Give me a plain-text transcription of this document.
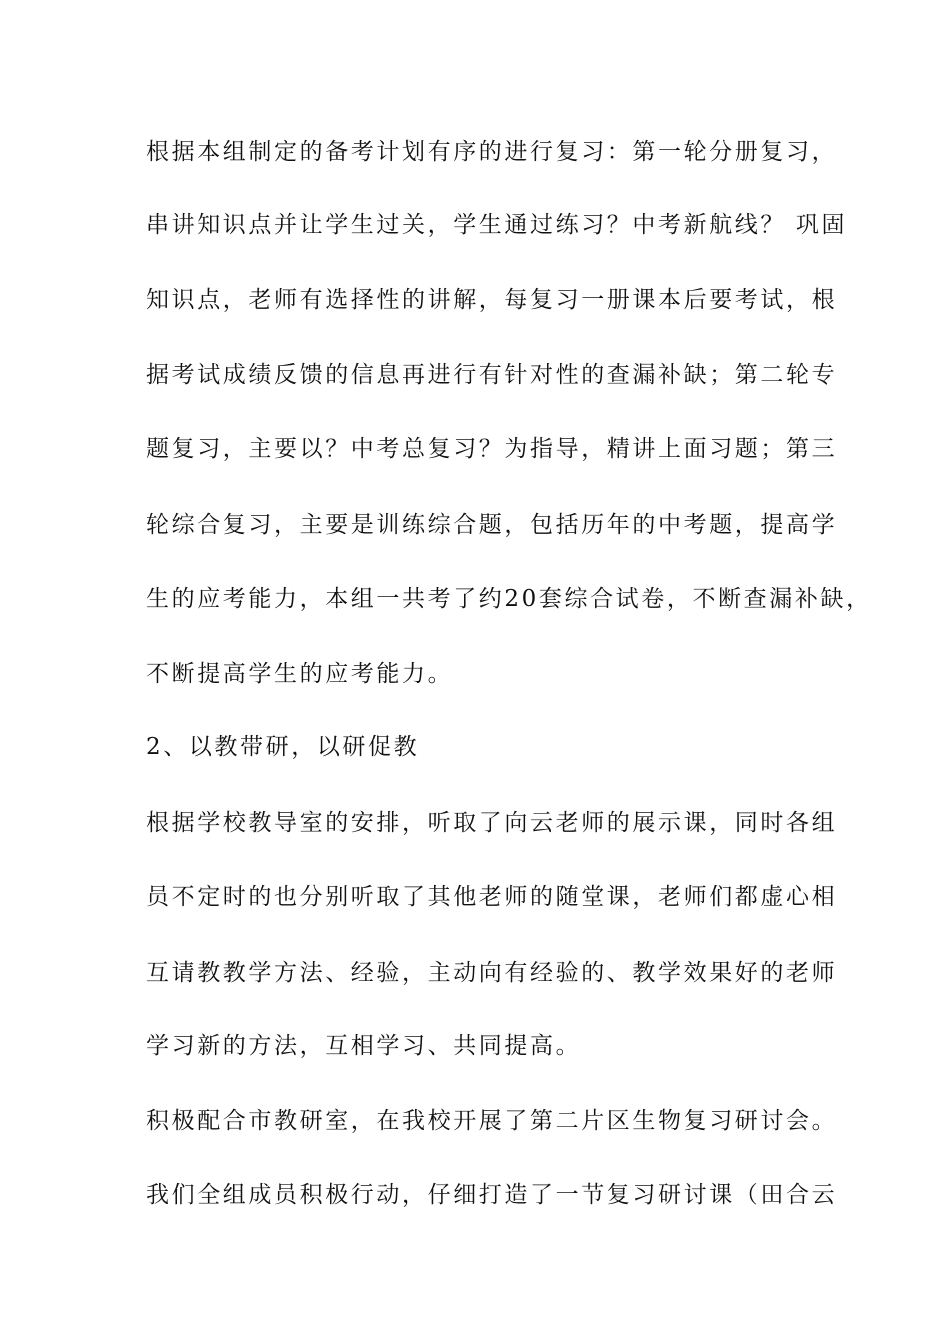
根据本组制定的备考计划有序的进行复习：第一轮分册复习，
串讲知识点并让学生过关，学生通过练习？中考新航线？ 巩固
知识点，老师有选择性的讲解，每复习一册课本后要考试，根
据考试成绩反馈的信息再进行有针对性的查漏补缺；第二轮专
题复习，主要以？中考总复习？为指导，精讲上面习题；第三
轮综合复习，主要是训练综合题，包括历年的中考题，提高学
生的应考能力，本组一共考了约20套综合试卷，不断查漏补缺，
不断提高学生的应考能力。
2、以教带研，以研促教
根据学校教导室的安排，听取了向云老师的展示课，同时各组
员不定时的也分别听取了其他老师的随堂课，老师们都虚心相
互请教教学方法、经验，主动向有经验的、教学效果好的老师
学习新的方法，互相学习、共同提高。
积极配合市教研室，在我校开展了第二片区生物复习研讨会。
我们全组成员积极行动，仔细打造了一节复习研讨课（田合云
